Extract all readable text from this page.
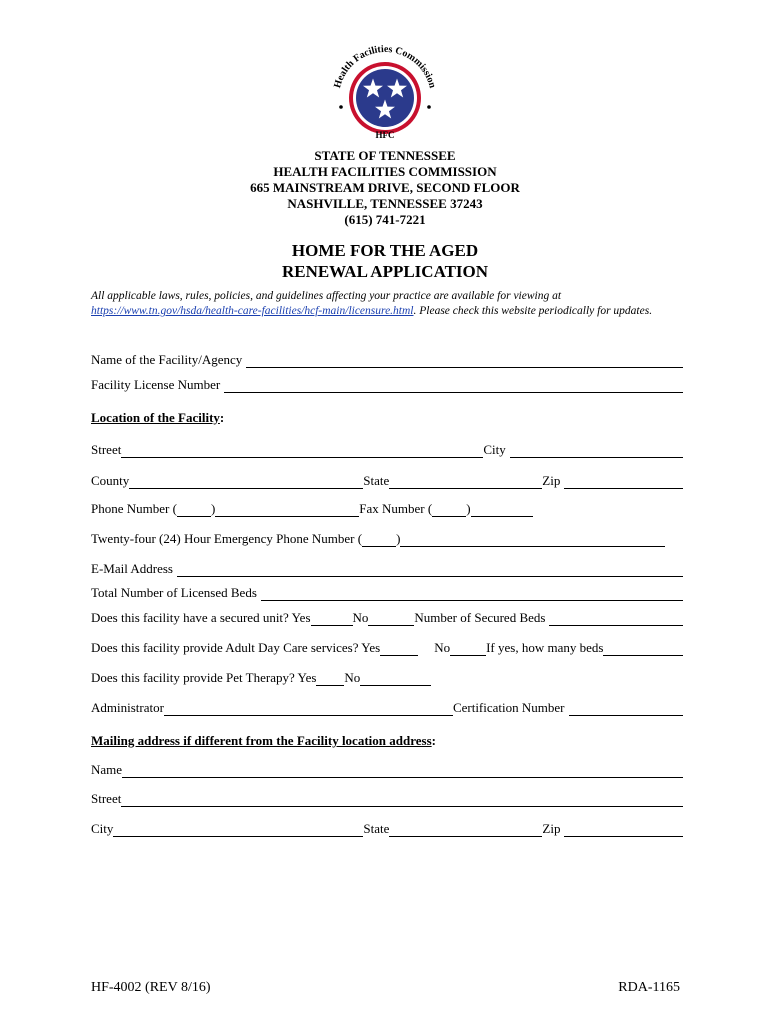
Health Facilities Commission
HFC
STATE OF TENNESSEE
HEALTH FACILITIES COMMISSION
665 MAINSTREAM DRIVE, SECOND FLOOR
NASHVILLE, TENNESSEE 37243
(615) 741-7221
HOME FOR THE AGED
RENEWAL APPLICATION
All applicable laws, rules, policies, and guidelines affecting your practice are available for viewing at https://www.tn.gov/hsda/health-care-facilities/hcf-main/licensure.html. Please check this website periodically for updates.
Name of the Facility/Agency
Facility License Number
Location of the Facility:
Street	City
County	State	Zip
Phone Number (	)	Fax Number (	)
Twenty-four (24) Hour Emergency Phone Number (	)
E-Mail Address
Total Number of Licensed Beds
Does this facility have a secured unit? Yes	No	Number of Secured Beds
Does this facility provide Adult Day Care services? Yes	No	If yes, how many beds
Does this facility provide Pet Therapy? Yes No
Administrator	Certification Number
Mailing address if different from the Facility location address:
Name
Street
City	State	Zip
HF-4002 (REV 8/16)	RDA-1165
